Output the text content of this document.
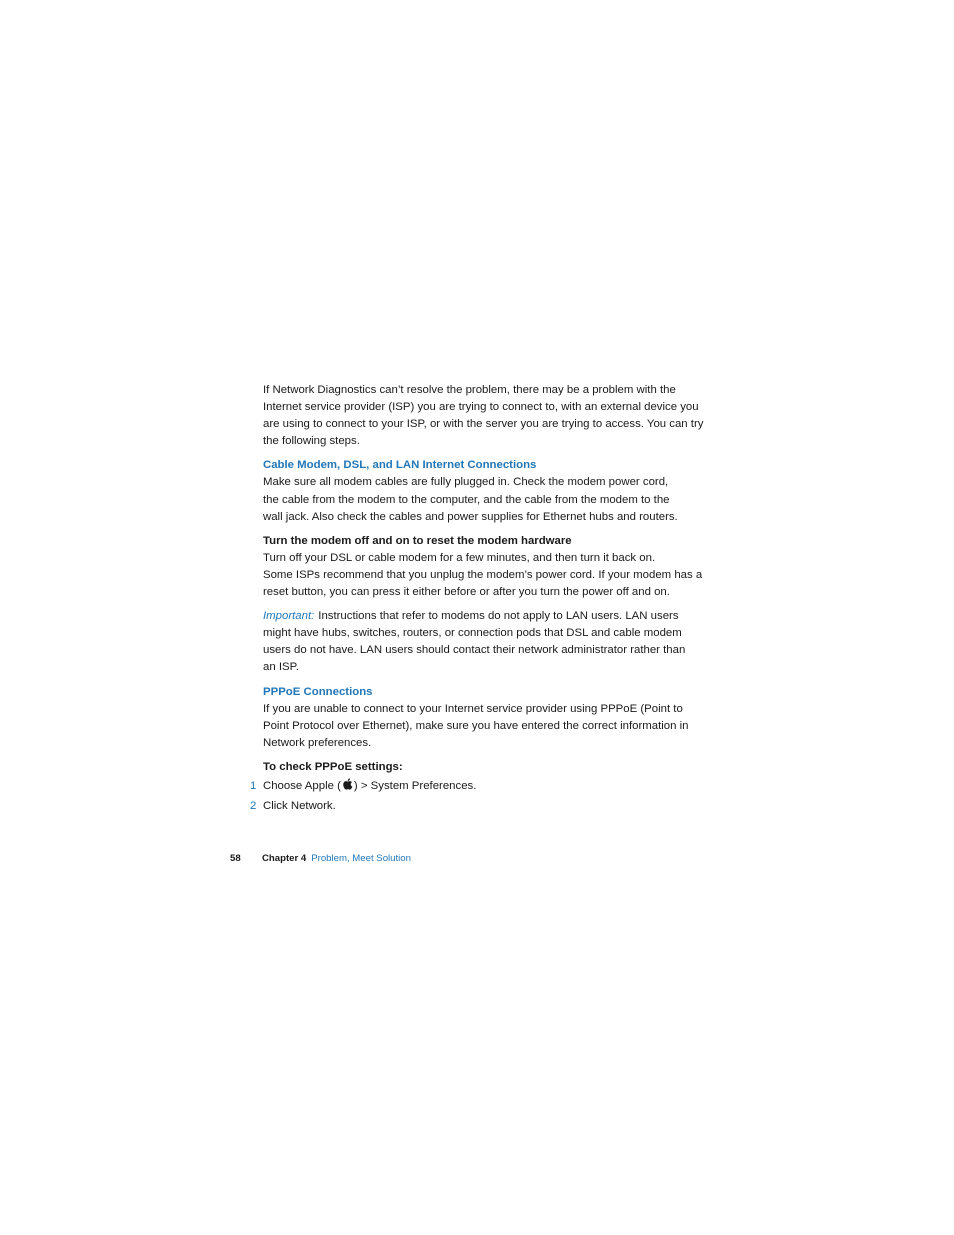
If Network Diagnostics can’t resolve the problem, there may be a problem with the
Internet service provider (ISP) you are trying to connect to, with an external device you
are using to connect to your ISP, or with the server you are trying to access. You can try
the following steps.

Cable Modem, DSL, and LAN Internet Connections

Make sure all modem cables are fully plugged in. Check the modem power cord,
the cable from the modem to the computer, and the cable from the modem to the
wall jack. Also check the cables and power supplies for Ethernet hubs and routers.

Turn the modem off and on to reset the modem hardware

Turn off your DSL or cable modem for a few minutes, and then turn it back on.
Some ISPs recommend that you unplug the modem’s power cord. If your modem has a
reset button, you can press it either before or after you turn the power off and on.

Important: Instructions that refer to modems do not apply to LAN users. LAN users
might have hubs, switches, routers, or connection pods that DSL and cable modem
users do not have. LAN users should contact their network administrator rather than
an ISP.

PPPoE Connections

If you are unable to connect to your Internet service provider using PPPoE (Point to
Point Protocol over Ethernet), make sure you have entered the correct information in
Network preferences.

To check PPPoE settings:
1 Choose Apple ( ) > System Preferences.
2 Click Network.
58 Chapter 4 Problem, Meet Solution
